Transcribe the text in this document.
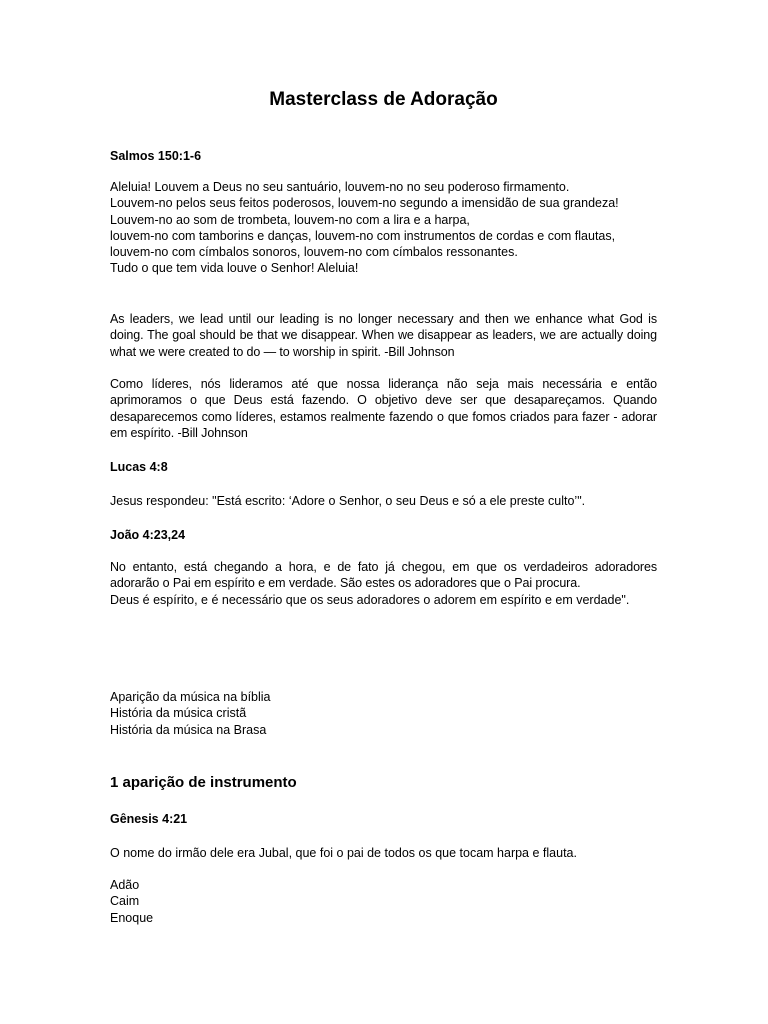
Masterclass de Adoração
Salmos 150:1-6
Aleluia! Louvem a Deus no seu santuário, louvem-no no seu poderoso firmamento.
Louvem-no pelos seus feitos poderosos, louvem-no segundo a imensidão de sua grandeza!
Louvem-no ao som de trombeta, louvem-no com a lira e a harpa,
louvem-no com tamborins e danças, louvem-no com instrumentos de cordas e com flautas,
louvem-no com címbalos sonoros, louvem-no com címbalos ressonantes.
Tudo o que tem vida louve o Senhor! Aleluia!
As leaders, we lead until our leading is no longer necessary and then we enhance what God is doing. The goal should be that we disappear. When we disappear as leaders, we are actually doing what we were created to do — to worship in spirit. -Bill Johnson
Como líderes, nós lideramos até que nossa liderança não seja mais necessária e então aprimoramos o que Deus está fazendo. O objetivo deve ser que desapareçamos. Quando desaparecemos como líderes, estamos realmente fazendo o que fomos criados para fazer - adorar em espírito. -Bill Johnson
Lucas 4:8
Jesus respondeu: "Está escrito: ‘Adore o Senhor, o seu Deus e só a ele preste culto’".
João 4:23,24
No entanto, está chegando a hora, e de fato já chegou, em que os verdadeiros adoradores adorarão o Pai em espírito e em verdade. São estes os adoradores que o Pai procura.
Deus é espírito, e é necessário que os seus adoradores o adorem em espírito e em verdade".
Aparição da música na bíblia
História da música cristã
História da música na Brasa
1 aparição de instrumento
Gênesis 4:21
O nome do irmão dele era Jubal, que foi o pai de todos os que tocam harpa e flauta.
Adão
Caim
Enoque
